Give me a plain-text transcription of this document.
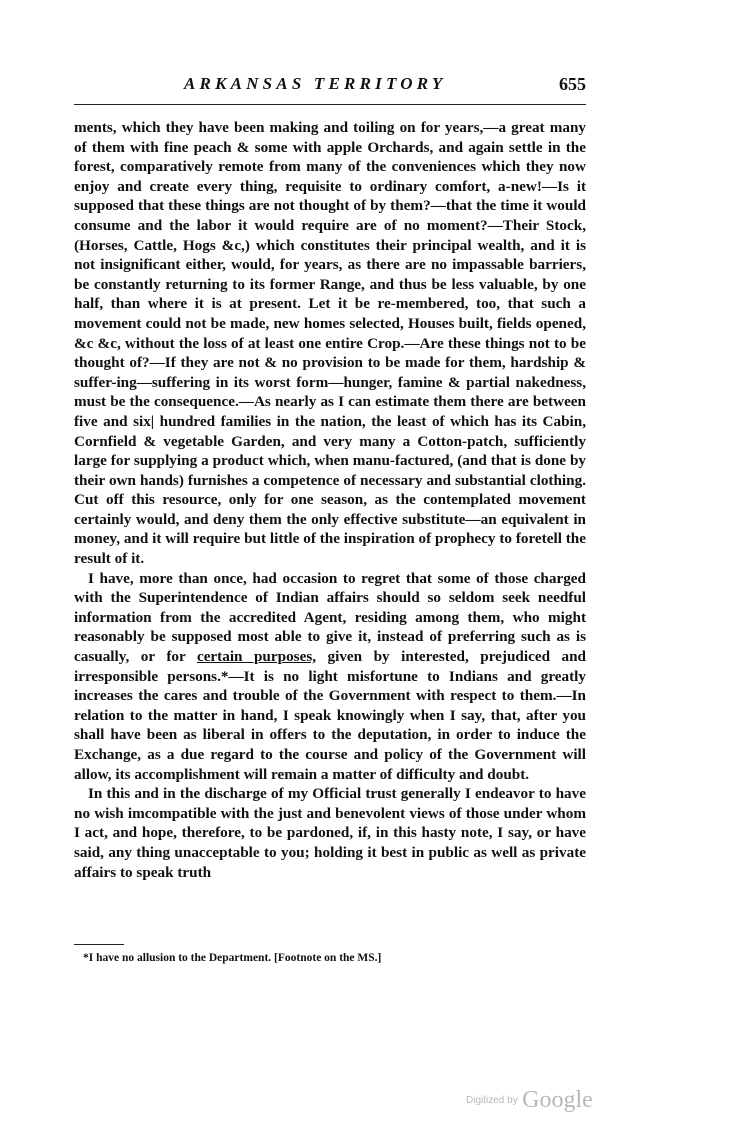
ARKANSAS TERRITORY	655

ments, which they have been making and toiling on for years,—a great many of them with fine peach & some with apple Orchards, and again settle in the forest, comparatively remote from many of the conveniences which they now enjoy and create every thing, requisite to ordinary comfort, a-new!—Is it supposed that these things are not thought of by them?—that the time it would consume and the labor it would require are of no moment?—Their Stock, (Horses, Cattle, Hogs &c,) which constitutes their principal wealth, and it is not insignificant either, would, for years, as there are no impassable barriers, be constantly returning to its former Range, and thus be less valuable, by one half, than where it is at present. Let it be re-membered, too, that such a movement could not be made, new homes selected, Houses built, fields opened, &c &c, without the loss of at least one entire Crop.—Are these things not to be thought of?—If they are not & no provision to be made for them, hardship & suffer-ing—suffering in its worst form—hunger, famine & partial nakedness, must be the consequence.—As nearly as I can estimate them there are between five and six| hundred families in the nation, the least of which has its Cabin, Cornfield & vegetable Garden, and very many a Cotton-patch, sufficiently large for supplying a product which, when manu-factured, (and that is done by their own hands) furnishes a competence of necessary and substantial clothing. Cut off this resource, only for one season, as the contemplated movement certainly would, and deny them the only effective substitute—an equivalent in money, and it will require but little of the inspiration of prophecy to foretell the result of it.

I have, more than once, had occasion to regret that some of those charged with the Superintendence of Indian affairs should so seldom seek needful information from the accredited Agent, residing among them, who might reasonably be supposed most able to give it, instead of preferring such as is casually, or for certain purposes, given by interested, prejudiced and irresponsible persons.*—It is no light misfortune to Indians and greatly increases the cares and trouble of the Government with respect to them.—In relation to the matter in hand, I speak knowingly when I say, that, after you shall have been as liberal in offers to the deputation, in order to induce the Exchange, as a due regard to the course and policy of the Government will allow, its accomplishment will remain a matter of difficulty and doubt.

In this and in the discharge of my Official trust generally I endeavor to have no wish imcompatible with the just and benevolent views of those under whom I act, and hope, therefore, to be pardoned, if, in this hasty note, I say, or have said, any thing unacceptable to you; holding it best in public as well as private affairs to speak truth

*I have no allusion to the Department. [Footnote on the MS.]
Digitized by Google
